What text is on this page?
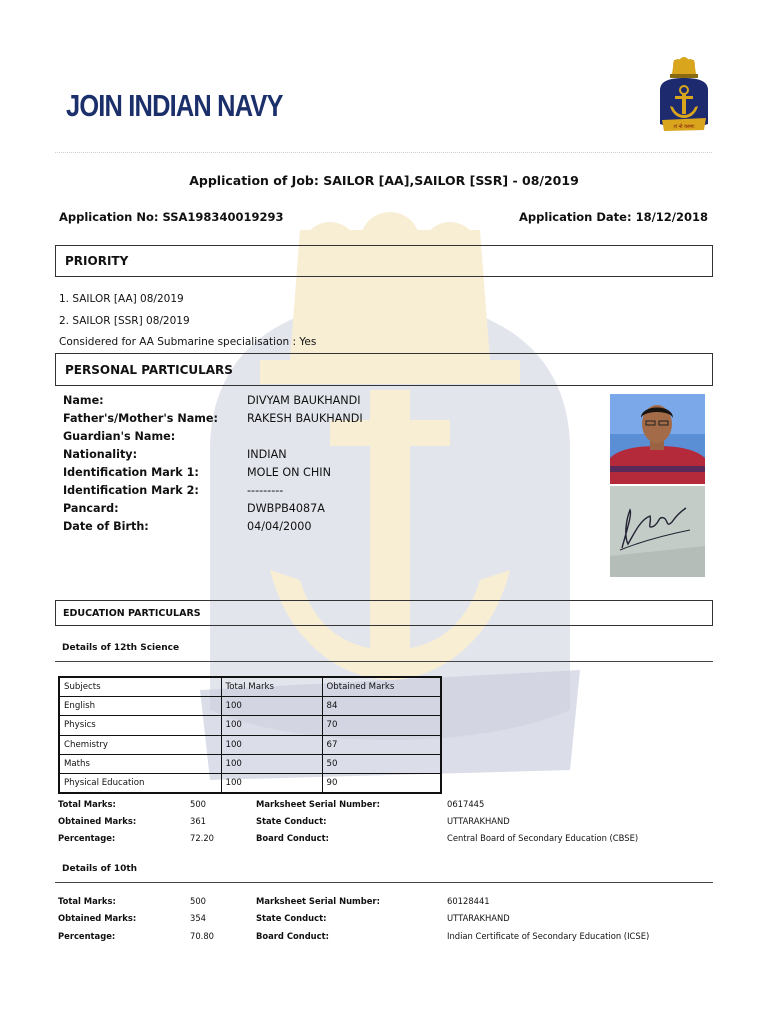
JOIN INDIAN NAVY
शं नो वरुणः
Application of Job: SAILOR [AA],SAILOR [SSR] - 08/2019
Application No: SSA198340019293	Application Date: 18/12/2018
PRIORITY
1. SAILOR [AA] 08/2019
2. SAILOR [SSR] 08/2019
Considered for AA Submarine specialisation : Yes
PERSONAL PARTICULARS
Name:	DIVYAM BAUKHANDI
Father's/Mother's Name:	RAKESH BAUKHANDI
Guardian's Name:
Nationality:	INDIAN
Identification Mark 1:	MOLE ON CHIN
Identification Mark 2:	---------
Pancard:	DWBPB4087A
Date of Birth:	04/04/2000
EDUCATION PARTICULARS
Details of 12th Science
Subjects	Total Marks	Obtained Marks
English	100	84
Physics	100	70
Chemistry	100	67
Maths	100	50
Physical Education	100	90
Total Marks:	500	Marksheet Serial Number:	0617445
Obtained Marks:	361	State Conduct:	UTTARAKHAND
Percentage:	72.20	Board Conduct:	Central Board of Secondary Education (CBSE)
Details of 10th
Total Marks:	500	Marksheet Serial Number:	60128441
Obtained Marks:	354	State Conduct:	UTTARAKHAND
Percentage:	70.80	Board Conduct:	Indian Certificate of Secondary Education (ICSE)
